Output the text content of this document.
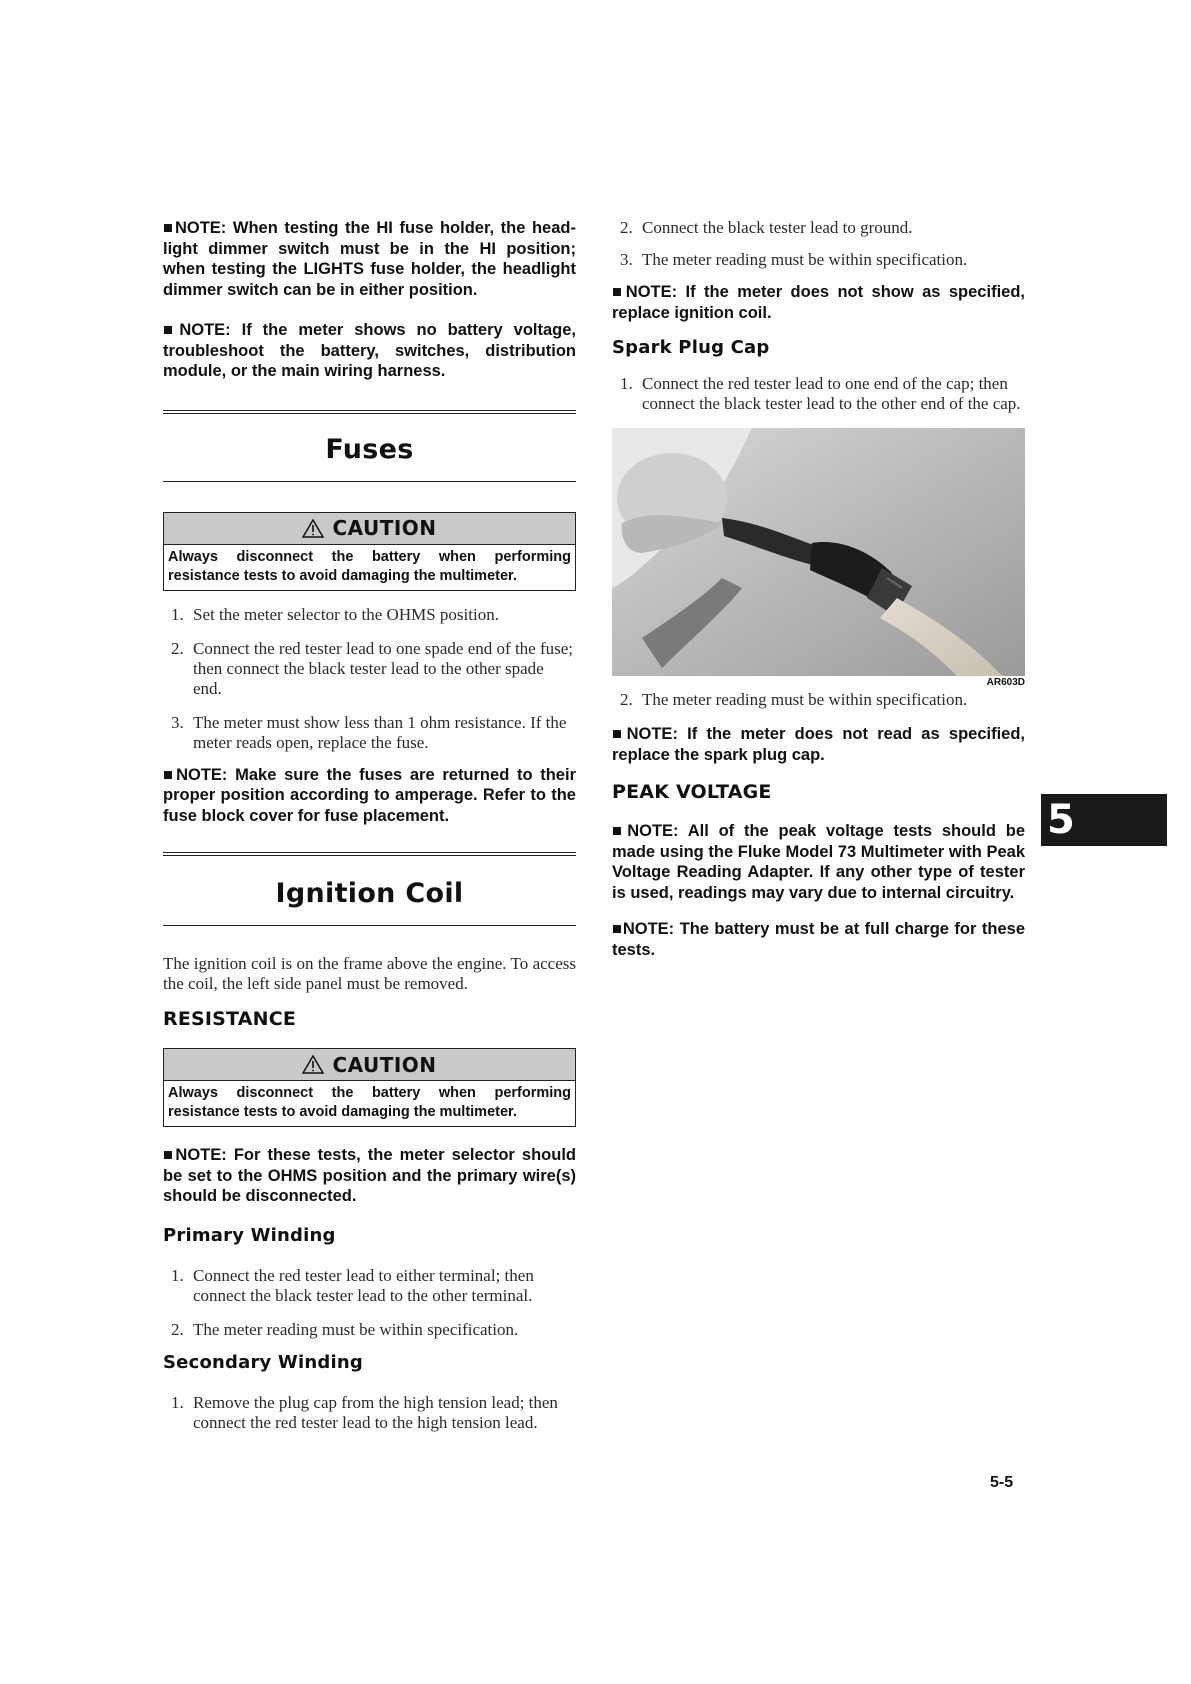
■NOTE: When testing the HI fuse holder, the head-light dimmer switch must be in the HI position; when testing the LIGHTS fuse holder, the headlight dimmer switch can be in either position.

■NOTE: If the meter shows no battery voltage, troubleshoot the battery, switches, distribution module, or the main wiring harness.

Fuses
CAUTION
Always disconnect the battery when performing resistance tests to avoid damaging the multimeter.
1. Set the meter selector to the OHMS position.
2. Connect the red tester lead to one spade end of the fuse; then connect the black tester lead to the other spade end.
3. The meter must show less than 1 ohm resistance. If the meter reads open, replace the fuse.

■NOTE: Make sure the fuses are returned to their proper position according to amperage. Refer to the fuse block cover for fuse placement.

Ignition Coil

The ignition coil is on the frame above the engine. To access the coil, the left side panel must be removed.

RESISTANCE
CAUTION
Always disconnect the battery when performing resistance tests to avoid damaging the multimeter.

■NOTE: For these tests, the meter selector should be set to the OHMS position and the primary wire(s) should be disconnected.

Primary Winding
1. Connect the red tester lead to either terminal; then connect the black tester lead to the other terminal.
2. The meter reading must be within specification.
Secondary Winding
1. Remove the plug cap from the high tension lead; then connect the red tester lead to the high tension lead.
2. Connect the black tester lead to ground.
3. The meter reading must be within specification.

■NOTE: If the meter does not show as specified, replace ignition coil.

Spark Plug Cap
1. Connect the red tester lead to one end of the cap; then connect the black tester lead to the other end of the cap.
AR603D
2. The meter reading must be within specification.

■NOTE: If the meter does not read as specified, replace the spark plug cap.

PEAK VOLTAGE

■NOTE: All of the peak voltage tests should be made using the Fluke Model 73 Multimeter with Peak Voltage Reading Adapter. If any other type of tester is used, readings may vary due to internal circuitry.

■NOTE: The battery must be at full charge for these tests.

5
5-5
